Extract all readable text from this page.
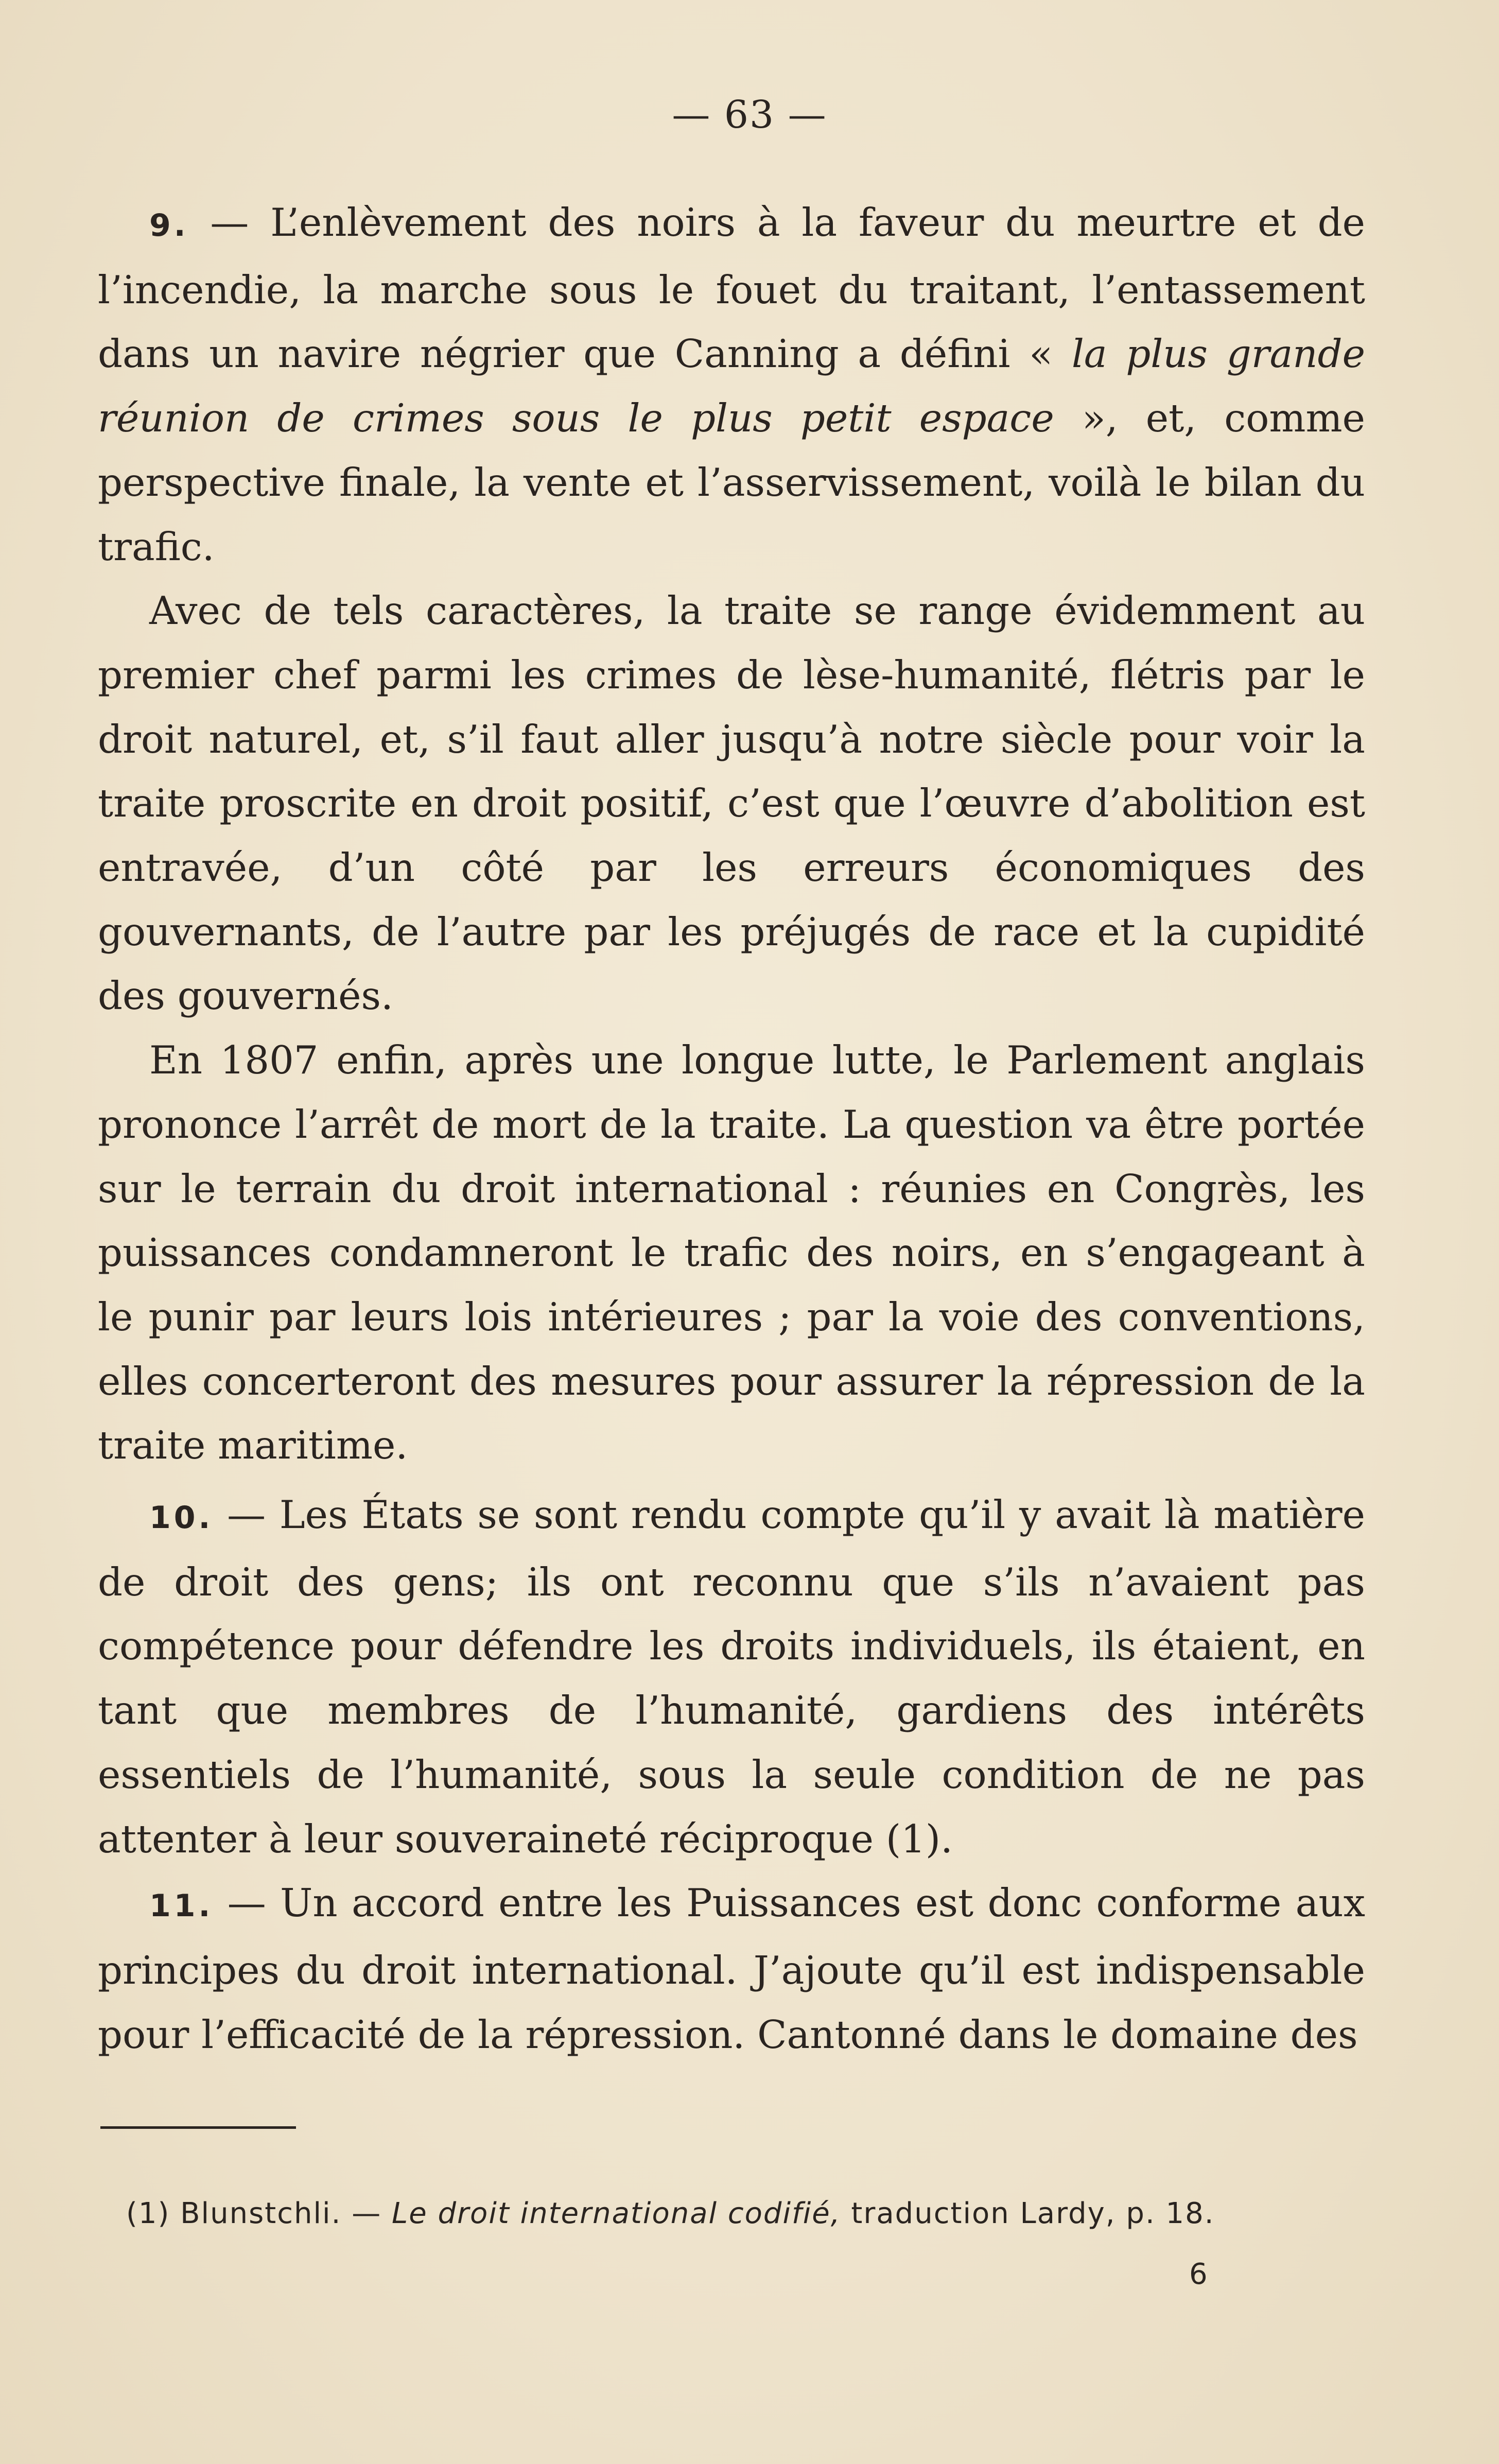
— 63 —

9. — L’enlèvement des noirs à la faveur du meurtre et de l’incendie, la marche sous le fouet du traitant, l’entassement dans un navire négrier que Canning a défini « la plus grande réunion de crimes sous le plus petit espace », et, comme perspective finale, la vente et l’asservissement, voilà le bilan du trafic.

Avec de tels caractères, la traite se range évidemment au premier chef parmi les crimes de lèse-humanité, flétris par le droit naturel, et, s’il faut aller jusqu’à notre siècle pour voir la traite proscrite en droit positif, c’est que l’œuvre d’abolition est entravée, d’un côté par les erreurs économiques des gouvernants, de l’autre par les préjugés de race et la cupidité des gouvernés.

En 1807 enfin, après une longue lutte, le Parlement anglais prononce l’arrêt de mort de la traite. La question va être portée sur le terrain du droit international : réunies en Congrès, les puissances condamneront le trafic des noirs, en s’engageant à le punir par leurs lois intérieures ; par la voie des conventions, elles concerteront des mesures pour assurer la répression de la traite maritime.

10. — Les États se sont rendu compte qu’il y avait là matière de droit des gens; ils ont reconnu que s’ils n’avaient pas compétence pour défendre les droits individuels, ils étaient, en tant que membres de l’humanité, gardiens des intérêts essentiels de l’humanité, sous la seule condition de ne pas attenter à leur souveraineté réciproque (1).

11. — Un accord entre les Puissances est donc conforme aux principes du droit international. J’ajoute qu’il est indispensable pour l’efficacité de la répression. Cantonné dans le domaine des

(1) Blunstchli. — Le droit international codifié, traduction Lardy, p. 18.
6
